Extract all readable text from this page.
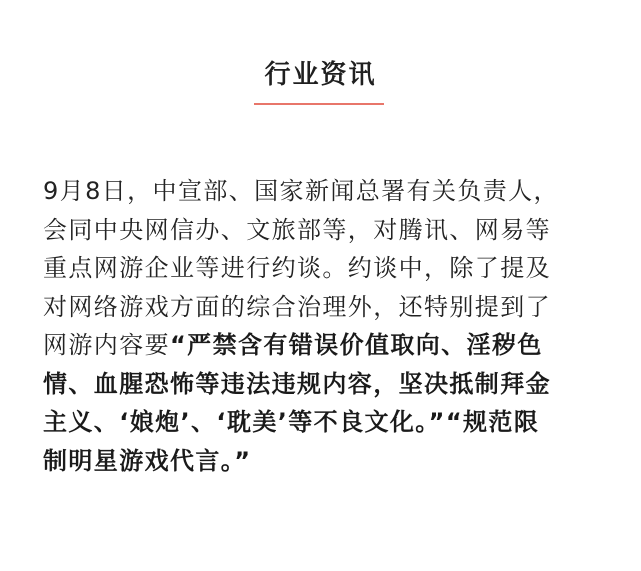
行业资讯
9月8日，中宣部、国家新闻总署有关负责人，
会同中央网信办、文旅部等，对腾讯、网易等
重点网游企业等进行约谈。约谈中，除了提及
对网络游戏方面的综合治理外，还特别提到了
网游内容要“严禁含有错误价值取向、淫秽色
情、血腥恐怖等违法违规内容，坚决抵制拜金
主义、‘娘炮’、‘耽美’等不良文化。”“规范限
制明星游戏代言。”
